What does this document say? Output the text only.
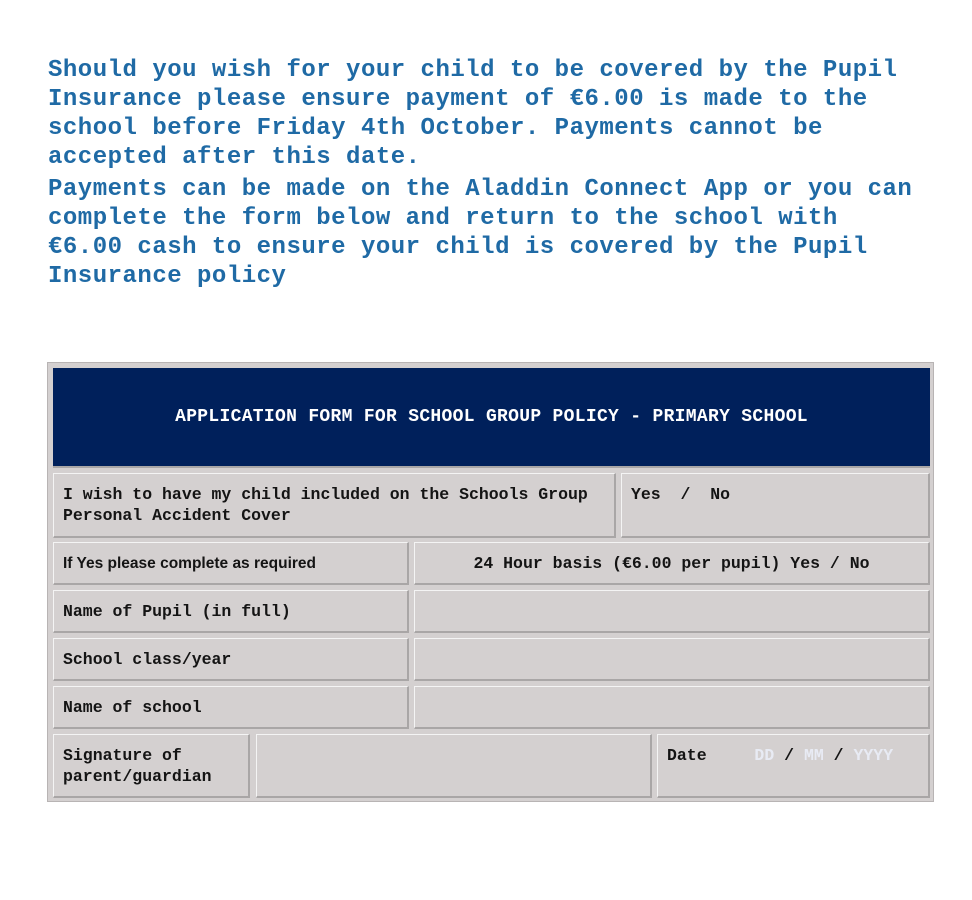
Should you wish for your child to be covered by the Pupil
Insurance please ensure payment of €6.00 is made to the
school before Friday 4th October. Payments cannot be
accepted after this date.

Payments can be made on the Aladdin Connect App or you can
complete the form below and return to the school with
€6.00 cash to ensure your child is covered by the Pupil
Insurance policy

APPLICATION FORM FOR SCHOOL GROUP POLICY - PRIMARY SCHOOL
I wish to have my child included on the Schools Group Personal Accident Cover
Yes  /  No
If Yes please complete as required	24 Hour basis (€6.00 per pupil) Yes / No
Name of Pupil (in full)
School class/year
Name of school
Signature of parent/guardian
Date	DD / MM / YYYY
